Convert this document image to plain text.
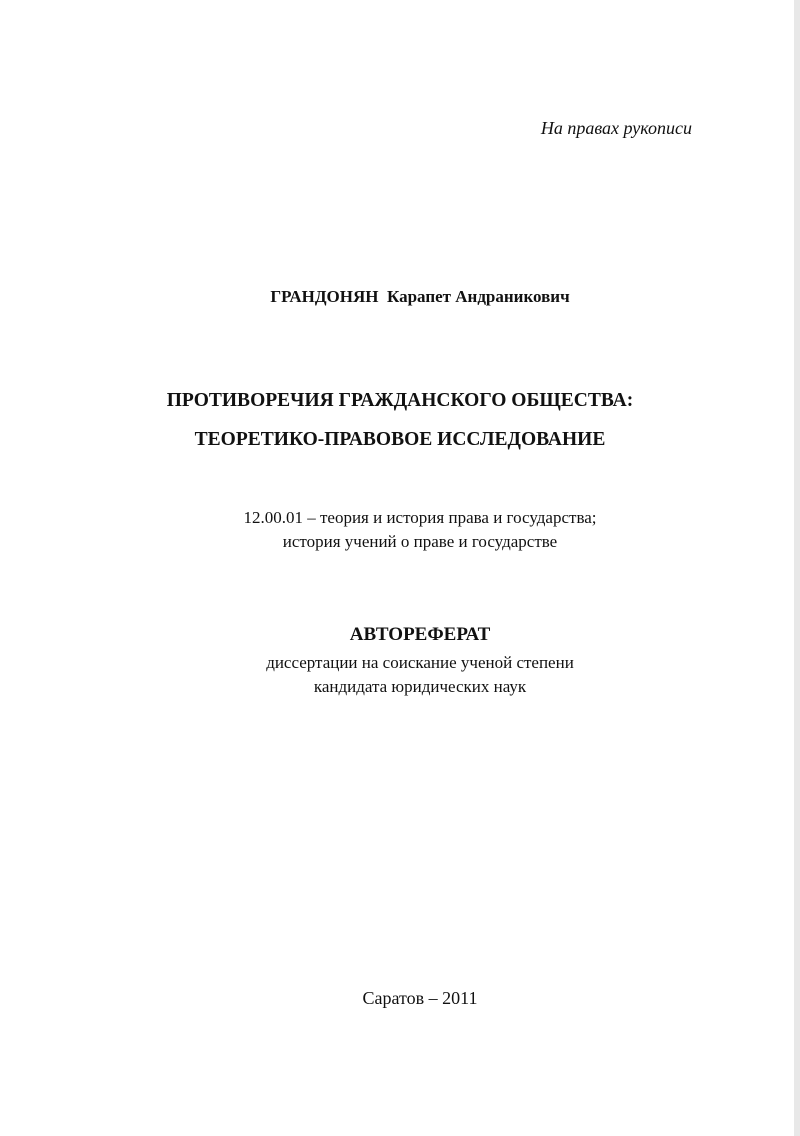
На правах рукописи
ГРАНДОНЯН  Карапет Андраникович
ПРОТИВОРЕЧИЯ ГРАЖДАНСКОГО ОБЩЕСТВА:
ТЕОРЕТИКО-ПРАВОВОЕ ИССЛЕДОВАНИЕ
12.00.01 – теория и история права и государства;
история учений о праве и государстве
АВТОРЕФЕРАТ
диссертации на соискание ученой степени
кандидата юридических наук
Саратов – 2011
